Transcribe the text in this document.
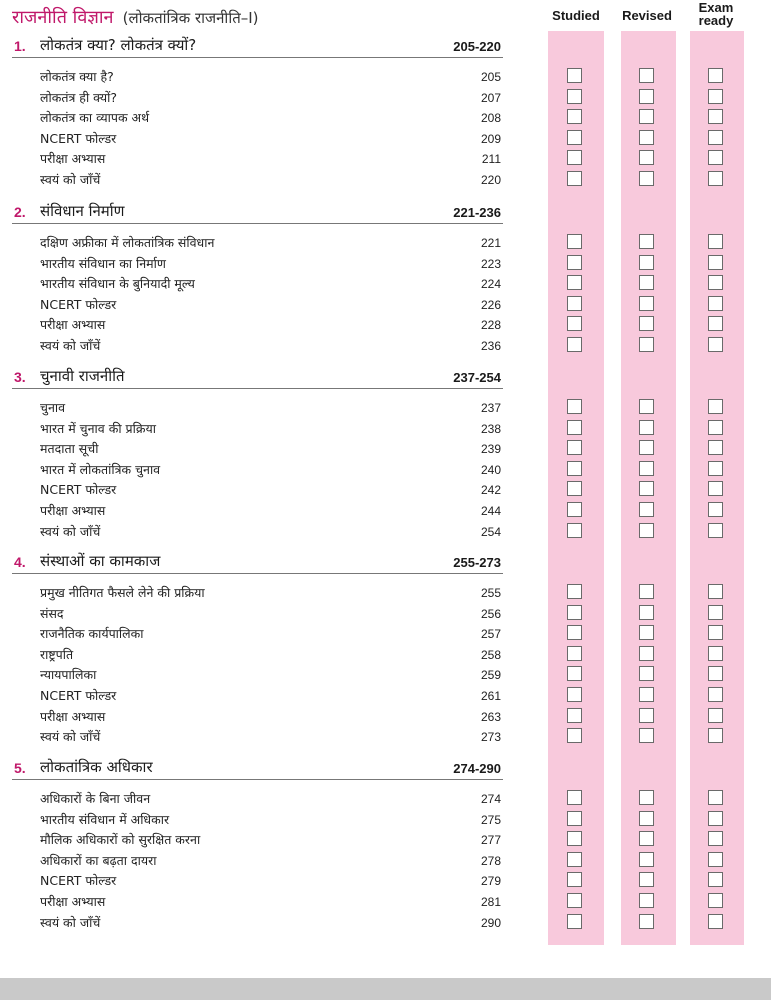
राजनीति विज्ञान (लोकतांत्रिक राजनीति–I)	Studied	Revised
Exam
ready
1. लोकतंत्र क्या? लोकतंत्र क्यों?	205-220
लोकतंत्र क्या है?	205
लोकतंत्र ही क्यों?	207
लोकतंत्र का व्यापक अर्थ	208
NCERT फोल्डर	209
परीक्षा अभ्यास	211
स्वयं को जाँचें	220
2. संविधान निर्माण	221-236
दक्षिण अफ्रीका में लोकतांत्रिक संविधान	221
भारतीय संविधान का निर्माण	223
भारतीय संविधान के बुनियादी मूल्य	224
NCERT फोल्डर	226
परीक्षा अभ्यास	228
स्वयं को जाँचें	236
3. चुनावी राजनीति	237-254
चुनाव	237
भारत में चुनाव की प्रक्रिया	238
मतदाता सूची	239
भारत में लोकतांत्रिक चुनाव	240
NCERT फोल्डर	242
परीक्षा अभ्यास	244
स्वयं को जाँचें	254
4. संस्थाओं का कामकाज	255-273
प्रमुख नीतिगत फैसले लेने की प्रक्रिया	255
संसद	256
राजनैतिक कार्यपालिका	257
राष्ट्रपति	258
न्यायपालिका	259
NCERT फोल्डर	261
परीक्षा अभ्यास	263
स्वयं को जाँचें	273
5. लोकतांत्रिक अधिकार	274-290
अधिकारों के बिना जीवन	274
भारतीय संविधान में अधिकार	275
मौलिक अधिकारों को सुरक्षित करना	277
अधिकारों का बढ़ता दायरा	278
NCERT फोल्डर	279
परीक्षा अभ्यास	281
स्वयं को जाँचें	290
